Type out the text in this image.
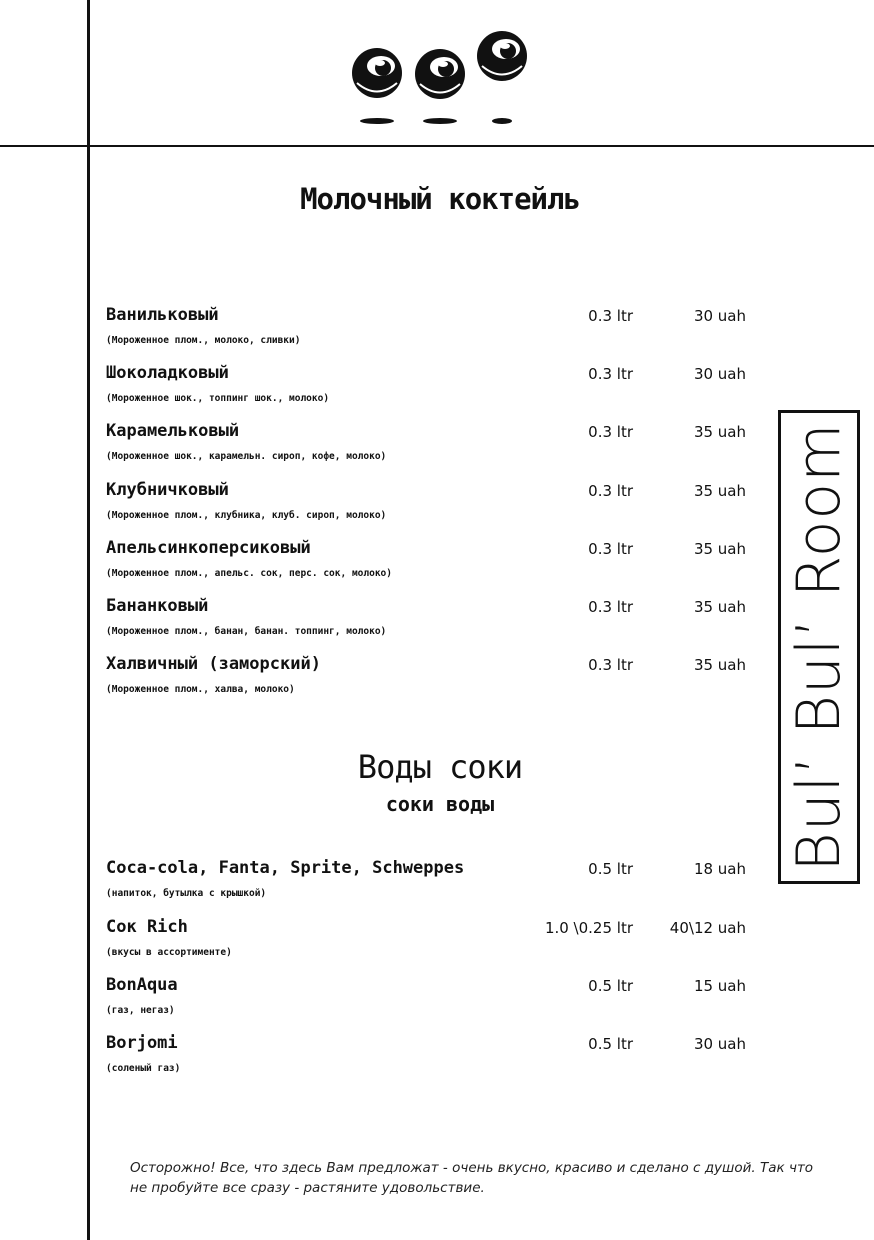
Молочный коктейль
Ванильковый
(Мороженное плом., молоко, сливки)
0.3 ltr	30 uah
Шоколадковый
(Мороженное шок., топпинг шок., молоко)
0.3 ltr	30 uah
Карамельковый
(Мороженное шок., карамельн. сироп, кофе, молоко)
0.3 ltr	35 uah
Клубничковый
(Мороженное плом., клубника, клуб. сироп, молоко)
0.3 ltr	35 uah
Апельсинкоперсиковый
(Мороженное плом., апельс. сок, перс. сок, молоко)
0.3 ltr	35 uah
Бананковый
(Мороженное плом., банан, банан. топпинг, молоко)
0.3 ltr	35 uah
Халвичный (заморский)
(Мороженное плом., халва, молоко)
0.3 ltr	35 uah
Воды соки
соки воды
Coca-cola, Fanta, Sprite, Schweppes
(напиток, бутылка с крышкой)
0.5 ltr	18 uah
Сок Rich
(вкусы в ассортименте)
1.0 \0.25 ltr 40\12 uah
BonAqua
(газ, негаз)
0.5 ltr	15 uah
Borjomi
(соленый газ)
0.5 ltr	30 uah
Bul’ Bul’ Room
Осторожно! Все, что здесь Вам предложат - очень вкусно, красиво и сделано с душой. Так что
не пробуйте все сразу - растяните удовольствие.
